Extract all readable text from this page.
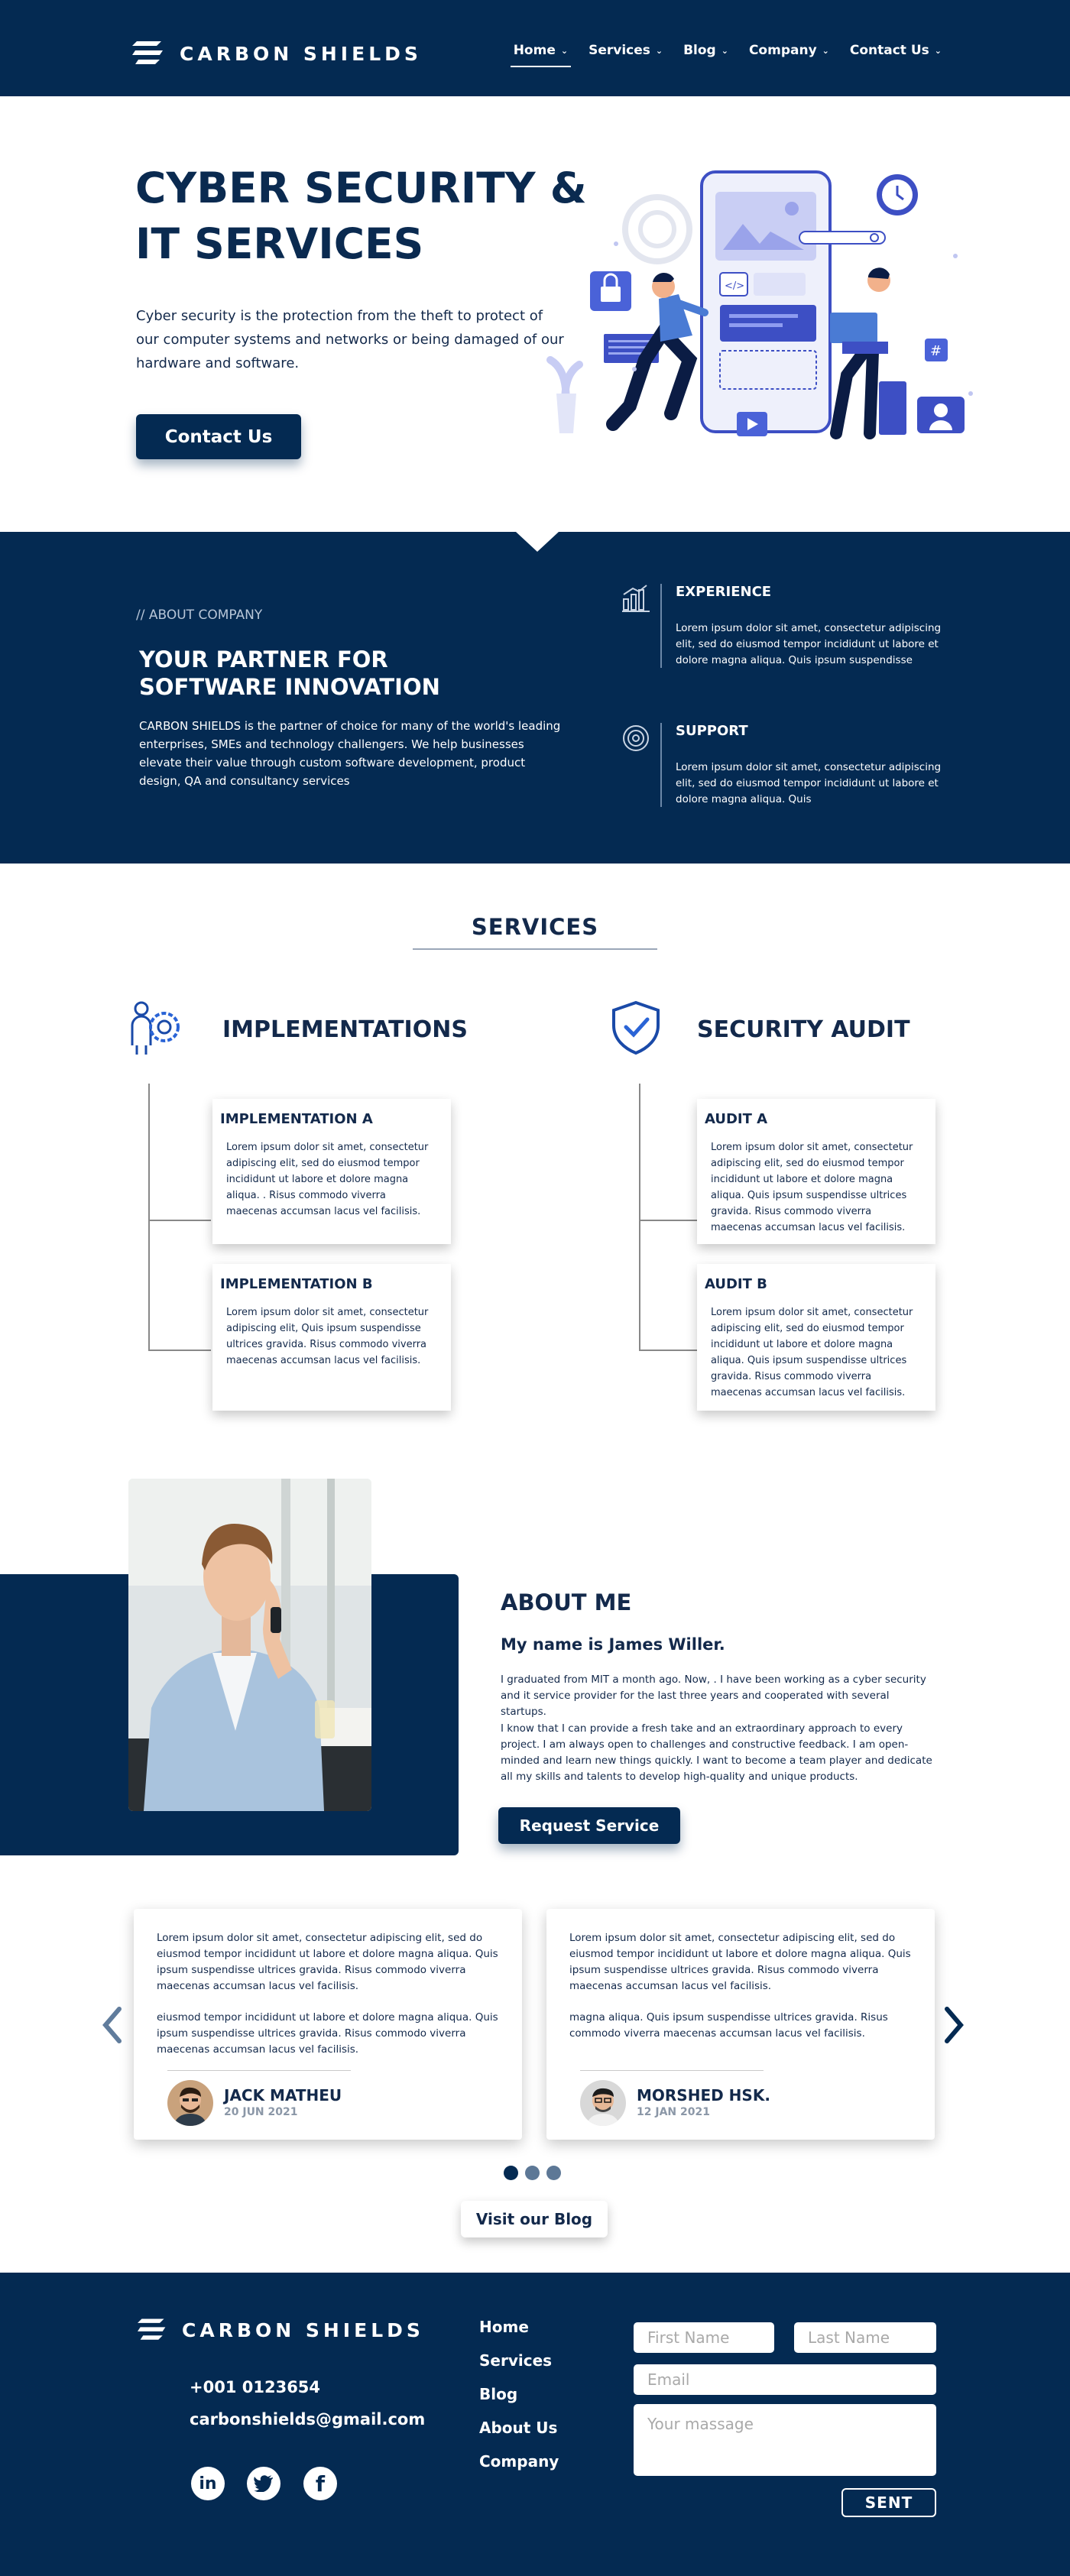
CARBON SHIELDS	Home ⌄ Services ⌄ Blog ⌄ Company ⌄ Contact Us ⌄
CYBER SECURITY &
IT SERVICES
Cyber security is the protection from the theft to protect of our computer systems and networks or being damaged of our hardware and software.
Contact Us
</>
#
// ABOUT COMPANY
YOUR PARTNER FOR
SOFTWARE INNOVATION
CARBON SHIELDS is the partner of choice for many of the world's leading enterprises, SMEs and technology challengers. We help businesses elevate their value through custom software development, product design, QA and consultancy services
EXPERIENCE
Lorem ipsum dolor sit amet, consectetur adipiscing elit, sed do eiusmod tempor incididunt ut labore et dolore magna aliqua. Quis ipsum suspendisse
SUPPORT
Lorem ipsum dolor sit amet, consectetur adipiscing elit, sed do eiusmod tempor incididunt ut labore et dolore magna aliqua. Quis
SERVICES
IMPLEMENTATIONS	SECURITY AUDIT
IMPLEMENTATION A
Lorem ipsum dolor sit amet, consectetur adipiscing elit, sed do eiusmod tempor incididunt ut labore et dolore magna aliqua. . Risus commodo viverra maecenas accumsan lacus vel facilisis.
IMPLEMENTATION B
Lorem ipsum dolor sit amet, consectetur adipiscing elit, Quis ipsum suspendisse ultrices gravida. Risus commodo viverra maecenas accumsan lacus vel facilisis.
AUDIT A
Lorem ipsum dolor sit amet, consectetur adipiscing elit, sed do eiusmod tempor incididunt ut labore et dolore magna aliqua. Quis ipsum suspendisse ultrices gravida. Risus commodo viverra maecenas accumsan lacus vel facilisis.
AUDIT B
Lorem ipsum dolor sit amet, consectetur adipiscing elit, sed do eiusmod tempor incididunt ut labore et dolore magna aliqua. Quis ipsum suspendisse ultrices gravida. Risus commodo viverra maecenas accumsan lacus vel facilisis.
ABOUT ME
My name is James Willer.
I graduated from MIT a month ago. Now, . I have been working as a cyber security and it service provider for the last three years and cooperated with several startups.
I know that I can provide a fresh take and an extraordinary approach to every project. I am always open to challenges and constructive feedback. I am open-minded and learn new things quickly. I want to become a team player and dedicate all my skills and talents to develop high-quality and unique products.
Request Service

Lorem ipsum dolor sit amet, consectetur adipiscing elit, sed do eiusmod tempor incididunt ut labore et dolore magna aliqua. Quis ipsum suspendisse ultrices gravida. Risus commodo viverra maecenas accumsan lacus vel facilisis.

eiusmod tempor incididunt ut labore et dolore magna aliqua. Quis ipsum suspendisse ultrices gravida. Risus commodo viverra maecenas accumsan lacus vel facilisis.

JACK MATHEU
20 JUN 2021

Lorem ipsum dolor sit amet, consectetur adipiscing elit, sed do eiusmod tempor incididunt ut labore et dolore magna aliqua. Quis ipsum suspendisse ultrices gravida. Risus commodo viverra maecenas accumsan lacus vel facilisis.

magna aliqua. Quis ipsum suspendisse ultrices gravida. Risus commodo viverra maecenas accumsan lacus vel facilisis.

MORSHED HSK.
12 JAN 2021
Visit our Blog
CARBON SHIELDS
+001 0123654
carbonshields@gmail.com
in	f
Home
Services
Blog
About Us
Company
First Name
Last Name
Email
Your massage
SENT
